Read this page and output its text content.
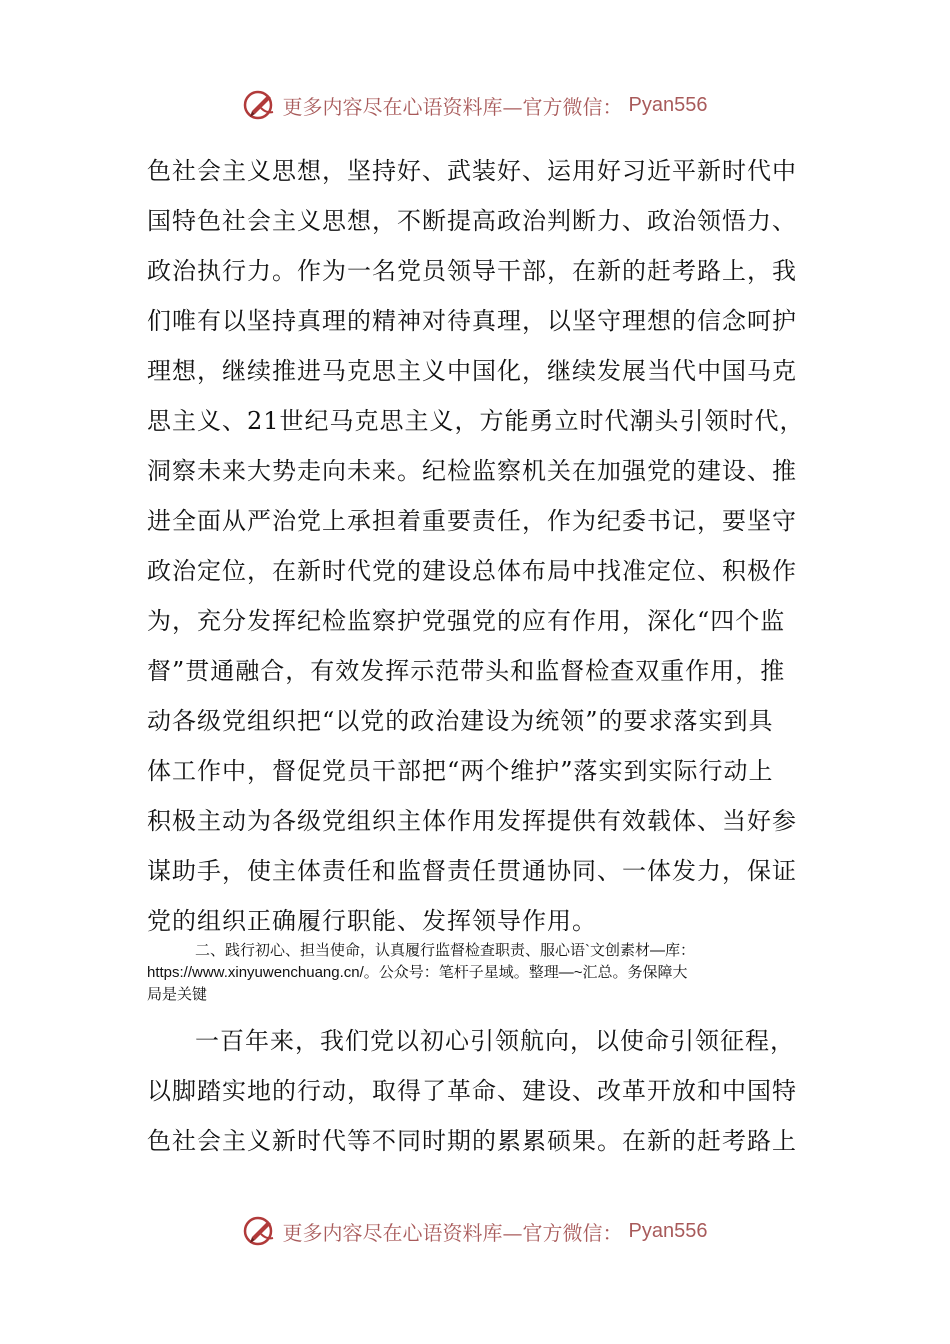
更多内容尽在心语资料库—官方微信： Pyan556
色社会主义思想，坚持好、武装好、运用好习近平新时代中
国特色社会主义思想，不断提高政治判断力、政治领悟力、
政治执行力。作为一名党员领导干部，在新的赶考路上，我
们唯有以坚持真理的精神对待真理，以坚守理想的信念呵护
理想，继续推进马克思主义中国化，继续发展当代中国马克
思主义、21世纪马克思主义，方能勇立时代潮头引领时代，
洞察未来大势走向未来。纪检监察机关在加强党的建设、推
进全面从严治党上承担着重要责任，作为纪委书记，要坚守
政治定位，在新时代党的建设总体布局中找准定位、积极作
为，充分发挥纪检监察护党强党的应有作用，深化“四个监
督”贯通融合，有效发挥示范带头和监督检查双重作用，推
动各级党组织把“以党的政治建设为统领”的要求落实到具
体工作中，督促党员干部把“两个维护”落实到实际行动上
积极主动为各级党组织主体作用发挥提供有效载体、当好参
谋助手，使主体责任和监督责任贯通协同、一体发力，保证
党的组织正确履行职能、发挥领导作用。
二、践行初心、担当使命，认真履行监督检查职责、服心语`文创素材—库：
https://www.xinyuwenchuang.cn/。公众号：笔杆子星域。整理—~汇总。务保障大
局是关键
一百年来，我们党以初心引领航向，以使命引领征程，
以脚踏实地的行动，取得了革命、建设、改革开放和中国特
色社会主义新时代等不同时期的累累硕果。在新的赶考路上
更多内容尽在心语资料库—官方微信： Pyan556
